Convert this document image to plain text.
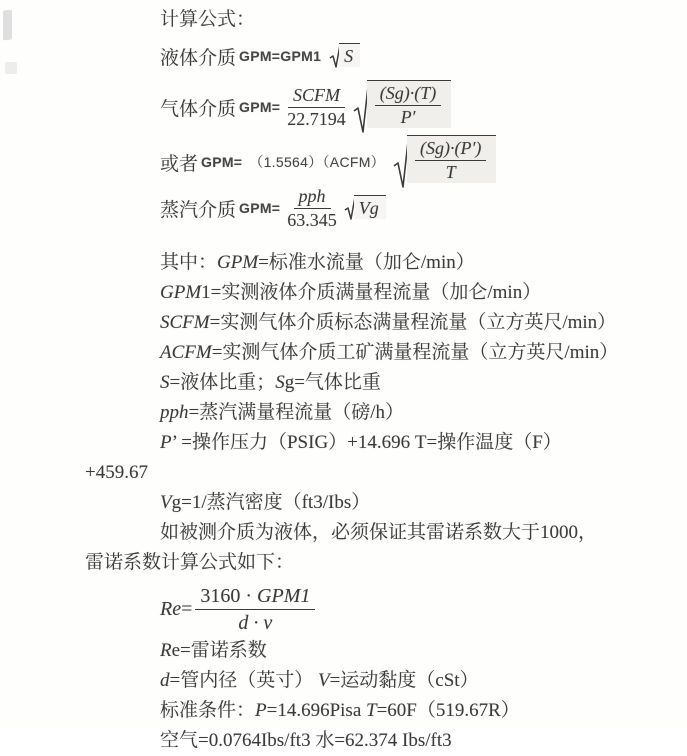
计算公式：
液体介质 GPM=GPM1 S
气体介质 $GPM= \frac{\text{SCFM}}{22.7194} \frac{(Sg)\cdot(T)}{P'}$
或者 GPM= （1.5564）（ACFM） $\frac{(Sg)\cdot(P')}{T}$
蒸汽介质 $GPM= \frac{\text{pph}}{63.345}$ Vg
其中：GPM=标准水流量（加仑/min）
GPM1=实测液体介质满量程流量（加仑/min）
SCFM=实测气体介质标态满量程流量（立方英尺/min）
ACFM=实测气体介质工矿满量程流量（立方英尺/min）
S=液体比重；Sg=气体比重
pph=蒸汽满量程流量（磅/h）
P’ =操作压力（PSIG）+14.696 T=操作温度（F）
+459.67
Vg=1/蒸汽密度（ft3/Ibs）
如被测介质为液体，必须保证其雷诺系数大于1000，
雷诺系数计算公式如下：
$Re = \frac{\text{3160 · GPM1}}{d \cdot v}$
Re=雷诺系数
d=管内径（英寸） V=运动黏度（cSt）
标准条件：P=14.696Pisa T=60F（519.67R）
空气=0.0764Ibs/ft3 水=62.374 Ibs/ft3
